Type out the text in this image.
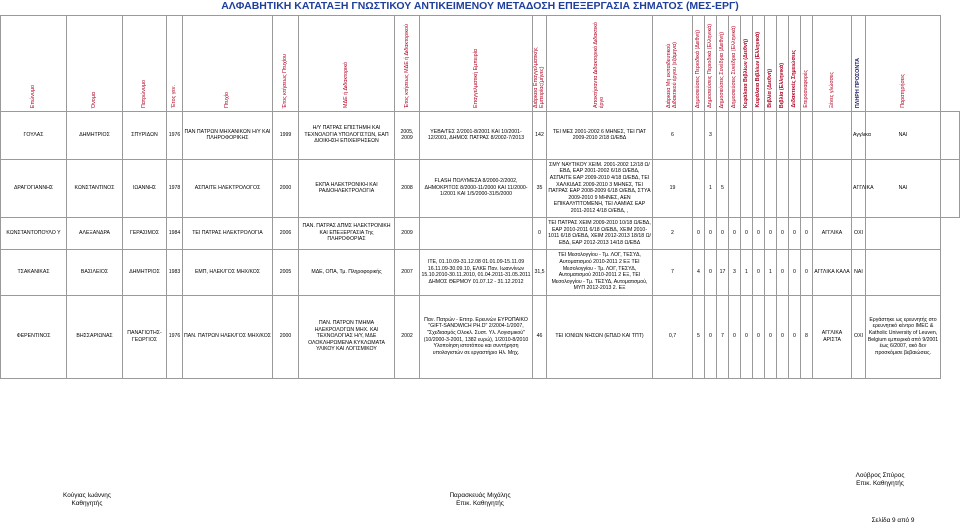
ΑΛΦΑΒΗΤΙΚΗ ΚΑΤΑΤΑΞΗ ΓΝΩΣΤΙΚΟΥ ΑΝΤΙΚΕΙΜΕΝΟΥ ΜΕΤΑΔΟΣΗ ΕΠΕΞΕΡΓΑΣΙΑ ΣΗΜΑΤΟΣ (ΜΕΣ-ΕΡΓ)
Επώνυμο	Όνομα	Πατρώνυμο	Έτος γεν.	Πτυχίο	Έτος κτήσεως Πτυχίου	ΜΔΕ ή Διδακτορικό	Έτος κτήσεως ΜΔΕ ή Διδακτορικού	Επαγγελματική Εμπειρία	Διάρκεια Επαγγελματικής Εμπειρίας(μήνες)	Αποκτήσαντα Διδακτορικό Διδακτικό έργο	Διάρκεια Μη εκπαιδευτικού Διδακτικού έργου (εξάμηνα)	Δημοσιεύσεις Περιοδικά (Διεθνή)	Δημοσιεύσεις Περιοδικά (Ελληνικά)	Δημοσιεύσεις Συνέδρια (Διεθνή)	Δημοσιεύσεις Συνέδρια (Ελληνικά)	Κεφάλαια Βιβλίων (Διεθνή)	Κεφάλαια Βιβλίων (Ελληνικά)	Βιβλία (Διεθνή)	Βιβλία (Ελληνικά)	Διδακτικές Σημειώσεις	Ετεροαναφορές	Ξένες γλώσσες	ΠΛΗΡΗ ΠΡΟΣΟΝΤΑ	Παρατηρήσεις	
ΓΟΥΛΑΣ	ΔΗΜΗΤΡΙΟΣ	ΣΠΥΡΙΔΩΝ	1976	ΠΑΝ ΠΑΤΡΩΝ ΜΗΧΑΝΙΚΩΝ Η/Υ ΚΑΙ ΠΛΗΡΟΦΟΡΙΚΗΣ	1999	Η/Υ ΠΑΤΡΑΣ ΕΠΙΣΤΗΜΗ ΚΑΙ ΤΕΧΝΟΛΟΓΙΑ ΥΠΟΛΟΓΙΣΤΩΝ, ΕΑΠ ΔΙΟΙΚΗΣΗ ΕΠΙΧΕΙΡΗΣΕΩΝ	2005, 2009	ΥΕΒΑ/ΓΕΣ 2/2001-8/2001 ΚΑΙ 10/2001-12/2001, ΔΗΜΟΣ ΠΑΤΡΑΣ 8/2002-7/2013	142	ΤΕΙ ΜΕΣ 2001-2002 6 ΜΗΝΕΣ, ΤΕΙ ΠΑΤ 2009-2010 2/18 Ω/ΕΒΔ	6		3										Αγγλικα	ΝΑΙ	
ΔΡΑΓΟΓΙΑΝΝΗΣ	ΚΩΝΣΤΑΝΤΙΝΟΣ	ΙΩΑΝΝΗΣ	1978	ΑΣΠΑΙΤΕ ΗΛΕΚΤΡΟΛΟΓΟΣ	2000	ΕΚΠΑ ΗΛΕΚΤΡΟΝΙΚΗ ΚΑΙ ΡΑΔΙΟΗΛΕΚΤΡΟΛΟΓΙΑ	2008	FLASH ΠΟΛΥΜΕΣΑ 8/2000-2/2002, ΔΗΜΟΚΡΙΤΟΣ 8/2000-11/2000 ΚΑΙ 11/2000-1/2001 ΚΑΙ 1/5/2000-31/5/2000	35	ΣΜΥ ΝΑΥΤΙΚΟΥ ΧΕΙΜ. 2001-2002 12/18 Ω/ΕΒΔ, ΕΑΡ 2001-2002 6/18 Ω/ΕΒΔ, ΑΣΠΑΙΤΕ ΕΑΡ 2009-2010 4/18 Ω/ΕΒΔ, ΤΕΙ ΧΑΛΚΙΔΑΣ 2009-2010 3 ΜΗΝΕΣ, ΤΕΙ ΠΑΤΡΑΣ ΕΑΡ 2008-2009 6/18 Ω/ΕΒΔ, ΣΤΥΑ 2009-2010 9 ΜΗΝΕΣ, ΑΕΝ ΕΠΙΚΑΛΥΠΤΟΜΕΝΗ, ΤΕΙ ΛΑΜΙΑΣ ΕΑΡ 2011-2012 4/18 Ω/ΕΒΔ, ,	19		1	5									ΑΓΓΛΙΚΑ	ΝΑΙ	
ΚΩΝΣΤΑΝΤΟΠΟΥΛΟ Υ	ΑΛΕΞΑΝΔΡΑ	ΓΕΡΑΣΙΜΟΣ	1984	ΤΕΙ ΠΑΤΡΑΣ ΗΛΕΚΤΡΟΛΟΓΙΑ	2006	ΠΑΝ. ΠΑΤΡΑΣ ΔΠΜΣ ΗΛΕΚΤΡΟΝΙΚΗ ΚΑΙ ΕΠΕΞΕΡΓΑΣΙΑ Της ΠΛΗΡΟΦΟΡΙΑΣ	2009		0	ΤΕΙ ΠΑΤΡΑΣ ΧΕΙΜ 2009-2010 10/18 Ω/ΕΒΔ, ΕΑΡ 2010-2011 6/18 Ω/ΕΒΔ, ΧΕΙΜ 2010-1011 6/18 Ω/ΕΒΔ, ΧΕΙΜ 2012-2013 18/18 Ω/ΕΒΔ, ΕΑΡ 2012-2013 14/18 Ω/ΕΒΔ	2	0	0	0	0	0	0	0	0	0	0	ΑΓΓΛΙΚΑ	ΟΧΙ		
ΤΣΑΚΑΝΙΚΑΣ	ΒΑΣΙΛΕΙΟΣ	ΔΗΜΗΤΡΙΟΣ	1983	ΕΜΠ, ΗΛΕΚ/ΓΟΣ ΜΗΧ/ΚΟΣ	2005	ΜΔΕ, ΟΠΑ, Τμ. Πληροφορικής	2007	ΙΤΕ, 01.10.09-31.12.08 01.01.09-15.11.09 16.11.09-30.09.10, ΕΛΚΕ Παν. Ιωαννίνων 15.10.2010-30.11.2010, 01.04.2011-31.05.2011 ΔΗΜΟΣ ΘΕΡΜΟΥ 01.07.12 - 31.12.2012	31,5	ΤΕΙ Μεσολογγίου - Τμ. ΛΟΓ, ΤΕΣΥΔ, Αυτοματισμού 2010-2011 2 ΕΞ ΤΕΙ Μεσολογγίου - Τμ. ΛΟΓ, ΤΕΣΥΔ, Αυτοματισμού 2010-2011 2 ΕΞ, ΤΕΙ Μεσολογγίου - Τμ. ΤΕΣΥΔ, Αυτοματισμού, ΜΥΠ 2012-2013 2. ΕΞ	7	4	0	17	3	1	0	1	0	0	0	ΑΓΓΛΙΚΑ ΚΑΛΑ	ΝΑΙ		
ΦΕΡΕΝΤΙΝΟΣ	ΒΗΣΣΑΡΙΩΝΑΣ	ΠΑΝΑΓΙΩΤΗΣ-ΓΕΩΡΓΙΟΣ	1976	ΠΑΝ. ΠΑΤΡΩΝ ΗΛΕΚ/ΓΟΣ ΜΗΧ/ΚΟΣ	2000	ΠΑΝ. ΠΑΤΡΩΝ ΤΜΗΜΑ ΗΛΕΚΡΟΛΟΓΩΝ ΜΗΧ. ΚΑΙ ΤΕΧΝΟΛΟΓΙΑΣ Η/Υ, ΜΔΕ ΟΛΟΚΛΗΡΩΜΕΝΑ ΚΥΚΛΩΜΑΤΑ ΥΛΙΚΟΥ ΚΑΙ ΛΟΓΙΣΜΙΚΟΥ	2002	Παν. Πατρών - Επιτρ. Ερευνών ΕΥΡΩΠΑΙΚΟ "GIFT-SANDWICH PH.D" 2/2004-1/2007, "Σχεδιασμός Ολοκλ. Συστ. Υλ. Λογισμικού" (10/2000-3-2001, 1382 ευρώ), 1/2010-8/2010 Υλοποίηση ιστοτόπου και συντήρηση υπολογιστών σε εργαστήριο Ηλ. Μηχ.	46	ΤΕΙ ΙΟΝΙΩΝ ΝΗΣΩΝ (ΕΠΔΟ ΚΑΙ ΤΠΤ)	0,7	5	0	7	0	0	0	0	0	0	8	ΑΓΓΛΙΚΑ ΑΡΙΣΤΑ	ΟΧΙ	Εργάστηκε ως ερευνητής στο ερευνητικό κέντρο IMEC & Katholic University of Leuven, Belgium εμπειρικά από 9/2001 έως 6/2007, ακό δεν προσκόμισε βεβαιώσεις.	
Κούγιας Ιωάννης
Καθηγητής
Παρασκευάς Μιχάλης
Επικ. Καθηγητής
Λούβρος Σπύρος
Επικ. Καθηγητής
Σελίδα 9 από 9
